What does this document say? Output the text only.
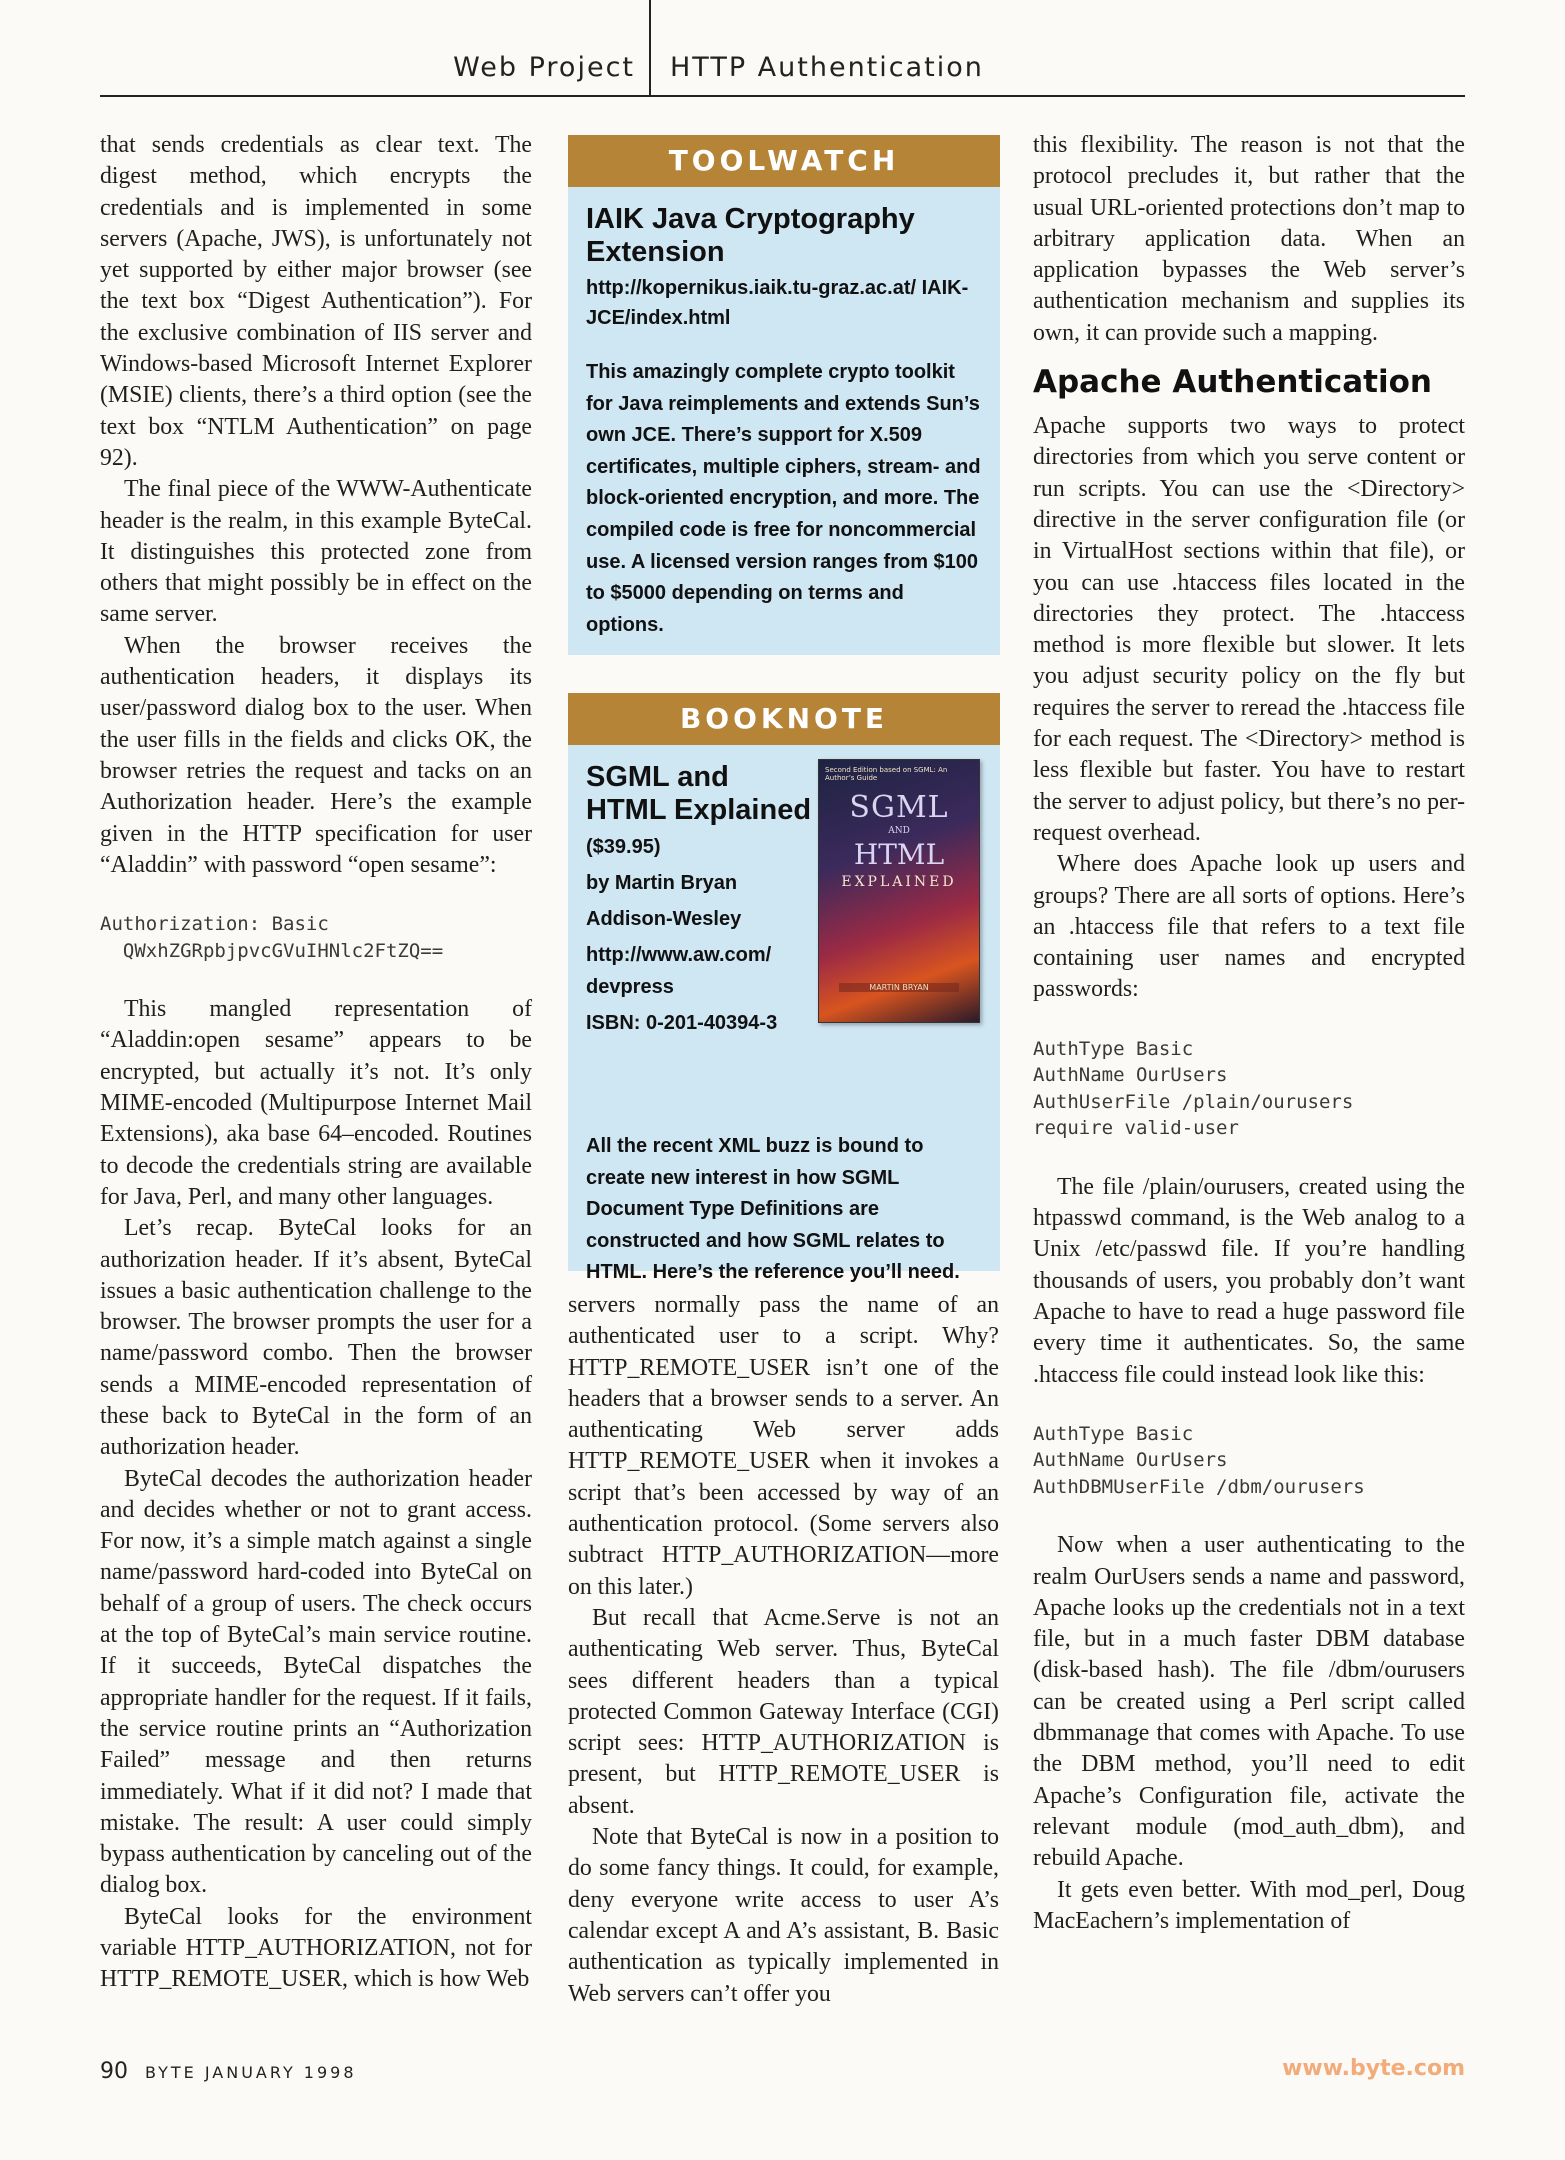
Web Project HTTP Authentication

that sends credentials as clear text. The digest method, which encrypts the credentials and is implemented in some servers (Apache, JWS), is unfortunately not yet supported by either major browser (see the text box “Digest Authentication”). For the exclusive combination of IIS server and Windows-based Microsoft Internet Explorer (MSIE) clients, there’s a third option (see the text box “NTLM Authentication” on page 92).

The final piece of the WWW-Authenticate header is the realm, in this example ByteCal. It distinguishes this protected zone from others that might possibly be in effect on the same server.

When the browser receives the authentication headers, it displays its user/password dialog box to the user. When the user fills in the fields and clicks OK, the browser retries the request and tacks on an Authorization header. Here’s the example given in the HTTP specification for user “Aladdin” with password “open sesame”:

Authorization: Basic
QWxhZGRpbjpvcGVuIHNlc2FtZQ==

This mangled representation of “Aladdin:open sesame” appears to be encrypted, but actually it’s not. It’s only MIME-encoded (Multipurpose Internet Mail Extensions), aka base 64–encoded. Routines to decode the credentials string are available for Java, Perl, and many other languages.

Let’s recap. ByteCal looks for an authorization header. If it’s absent, ByteCal issues a basic authentication challenge to the browser. The browser prompts the user for a name/password combo. Then the browser sends a MIME-encoded representation of these back to ByteCal in the form of an authorization header.

ByteCal decodes the authorization header and decides whether or not to grant access. For now, it’s a simple match against a single name/password hard-coded into ByteCal on behalf of a group of users. The check occurs at the top of ByteCal’s main service routine. If it succeeds, ByteCal dispatches the appropriate handler for the request. If it fails, the service routine prints an “Authorization Failed” message and then returns immediately. What if it did not? I made that mistake. The result: A user could simply bypass authentication by canceling out of the dialog box.

ByteCal looks for the environment variable HTTP_AUTHORIZATION, not for HTTP_REMOTE_USER, which is how Web

TOOLWATCH
IAIK Java Cryptography Extension
http://kopernikus.iaik.tu-graz.ac.at/ IAIK-JCE/index.html
This amazingly complete crypto toolkit for Java reimplements and extends Sun’s own JCE. There’s support for X.509 certificates, multiple ciphers, stream- and block-oriented encryption, and more. The compiled code is free for noncommercial use. A licensed version ranges from $100 to $5000 depending on terms and options.
BOOKNOTE
SGML and HTML Explained
($39.95)
by Martin Bryan
Addison-Wesley
http://www.aw.com/ devpress
ISBN: 0-201-40394-3
Second Edition based on SGML: An Author’s Guide
SGML
AND
HTML
EXPLAINED
MARTIN BRYAN
All the recent XML buzz is bound to create new interest in how SGML Document Type Definitions are constructed and how SGML relates to HTML. Here’s the reference you’ll need.

servers normally pass the name of an authenticated user to a script. Why? HTTP_REMOTE_USER isn’t one of the headers that a browser sends to a server. An authenticating Web server adds HTTP_REMOTE_USER when it invokes a script that’s been accessed by way of an authentication protocol. (Some servers also subtract HTTP_AUTHORIZATION—more on this later.)

But recall that Acme.Serve is not an authenticating Web server. Thus, ByteCal sees different headers than a typical protected Common Gateway Interface (CGI) script sees: HTTP_AUTHORIZATION is present, but HTTP_REMOTE_USER is absent.

Note that ByteCal is now in a position to do some fancy things. It could, for example, deny everyone write access to user A’s calendar except A and A’s assistant, B. Basic authentication as typically implemented in Web servers can’t offer you

this flexibility. The reason is not that the protocol precludes it, but rather that the usual URL-oriented protections don’t map to arbitrary application data. When an application bypasses the Web server’s authentication mechanism and supplies its own, it can provide such a mapping.

Apache Authentication

Apache supports two ways to protect directories from which you serve content or run scripts. You can use the <Directory> directive in the server configuration file (or in VirtualHost sections within that file), or you can use .htaccess files located in the directories they protect. The .htaccess method is more flexible but slower. It lets you adjust security policy on the fly but requires the server to reread the .htaccess file for each request. The <Directory> method is less flexible but faster. You have to restart the server to adjust policy, but there’s no per-request overhead.

Where does Apache look up users and groups? There are all sorts of options. Here’s an .htaccess file that refers to a text file containing user names and encrypted passwords:

AuthType Basic
AuthName OurUsers
AuthUserFile /plain/ourusers
require valid-user

The file /plain/ourusers, created using the htpasswd command, is the Web analog to a Unix /etc/passwd file. If you’re handling thousands of users, you probably don’t want Apache to have to read a huge password file every time it authenticates. So, the same .htaccess file could instead look like this:

AuthType Basic
AuthName OurUsers
AuthDBMUserFile /dbm/ourusers

Now when a user authenticating to the realm OurUsers sends a name and password, Apache looks up the credentials not in a text file, but in a much faster DBM database (disk-based hash). The file /dbm/ourusers can be created using a Perl script called dbmmanage that comes with Apache. To use the DBM method, you’ll need to edit Apache’s Configuration file, activate the relevant module (mod_auth_dbm), and rebuild Apache.

It gets even better. With mod_perl, Doug MacEachern’s implementation of

90 BYTE JANUARY 1998	www.byte.com
